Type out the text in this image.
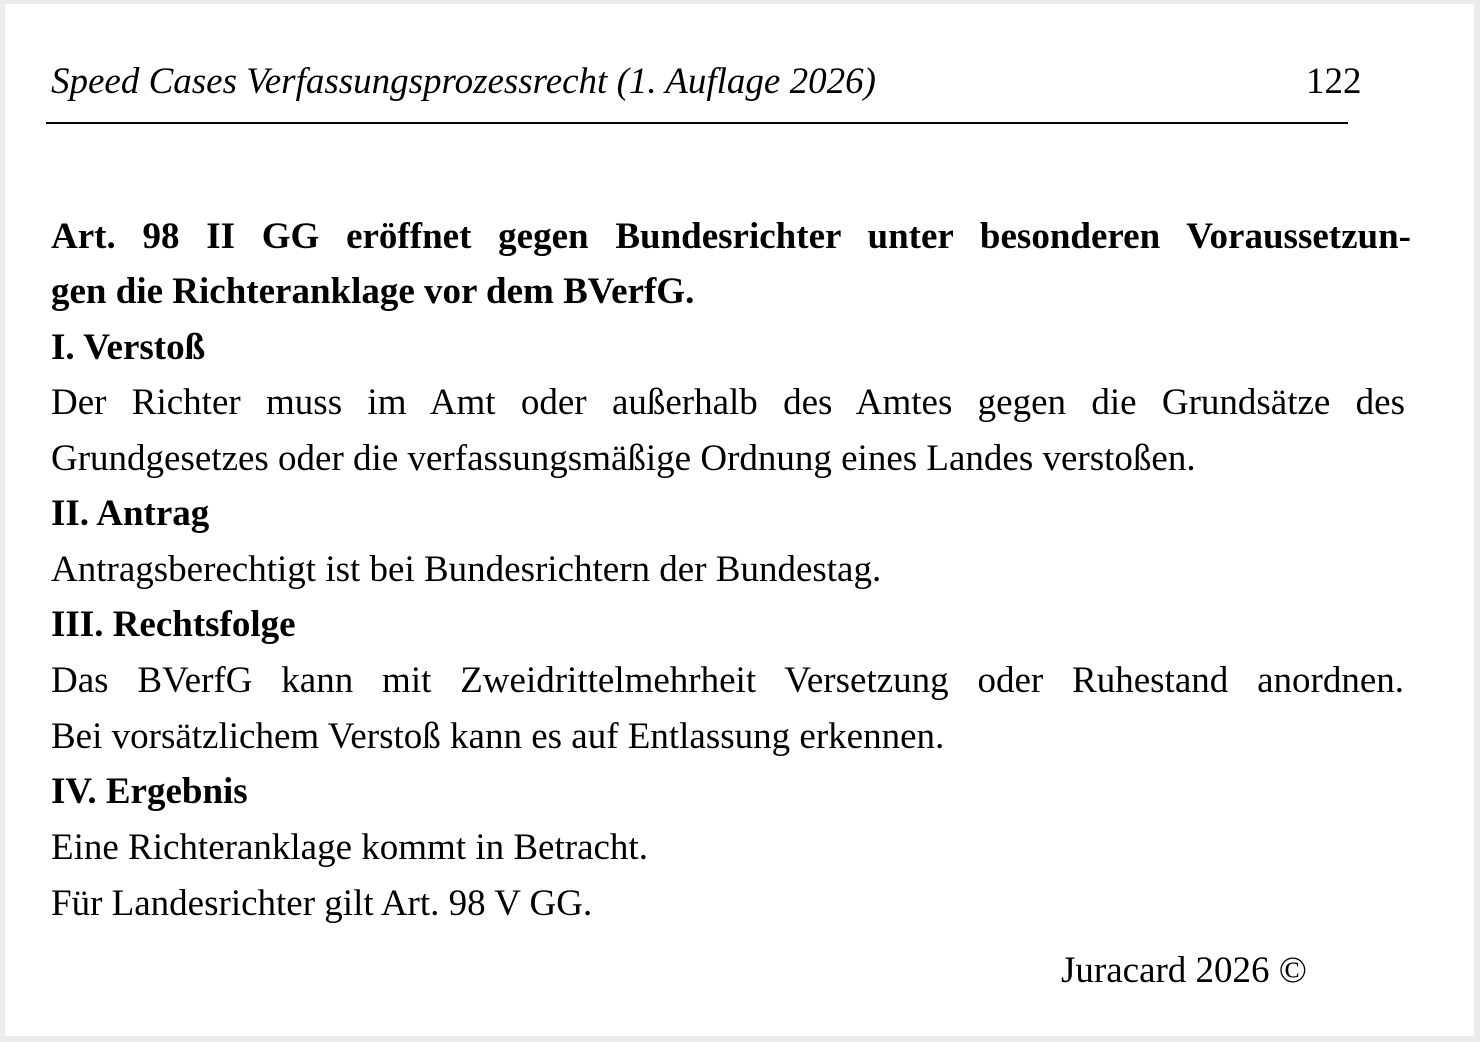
Speed Cases Verfassungsprozessrecht (1. Auflage 2026)	122
Art. 98 II GG eröffnet gegen Bundesrichter unter besonderen Voraussetzun-
gen die Richteranklage vor dem BVerfG.
I. Verstoß
Der Richter muss im Amt oder außerhalb des Amtes gegen die Grundsätze des
Grundgesetzes oder die verfassungsmäßige Ordnung eines Landes verstoßen.
II. Antrag
Antragsberechtigt ist bei Bundesrichtern der Bundestag.
III. Rechtsfolge
Das BVerfG kann mit Zweidrittelmehrheit Versetzung oder Ruhestand anordnen.
Bei vorsätzlichem Verstoß kann es auf Entlassung erkennen.
IV. Ergebnis
Eine Richteranklage kommt in Betracht.
Für Landesrichter gilt Art. 98 V GG.
Juracard 2026 ©
